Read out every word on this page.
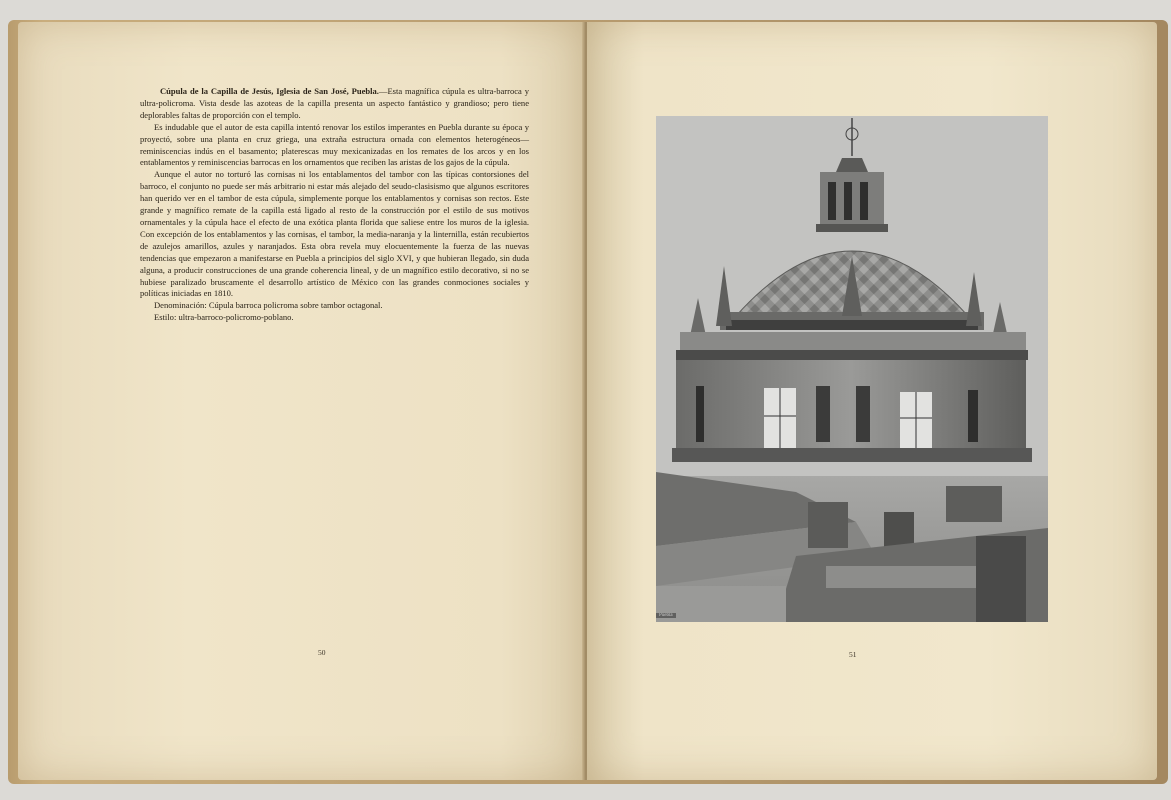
Cúpula de la Capilla de Jesús, Iglesia de San José, Puebla.—Esta magnífica cúpula es ultra-barroca y ultra-policroma. Vista desde las azoteas de la capilla presenta un aspecto fantástico y grandioso; pero tiene deplorables faltas de proporción con el templo.

Es indudable que el autor de esta capilla intentó renovar los estilos imperantes en Puebla durante su época y proyectó, sobre una planta en cruz griega, una extraña estructura ornada con elementos heterogéneos—reminiscencias indús en el basamento; platerescas muy mexicanizadas en los remates de los arcos y en los entablamentos y reminiscencias barrocas en los ornamentos que reciben las aristas de los gajos de la cúpula.

Aunque el autor no torturó las cornisas ni los entablamentos del tambor con las típicas contorsiones del barroco, el conjunto no puede ser más arbitrario ni estar más alejado del seudo-clasisismo que algunos escritores han querido ver en el tambor de esta cúpula, simplemente porque los entablamentos y cornisas son rectos. Este grande y magnífico remate de la capilla está ligado al resto de la construcción por el estilo de sus motivos ornamentales y la cúpula hace el efecto de una exótica planta florida que saliese entre los muros de la iglesia. Con excepción de los entablamentos y las cornisas, el tambor, la media-naranja y la linternilla, están recubiertos de azulejos amarillos, azules y naranjados. Esta obra revela muy elocuentemente la fuerza de las nuevas tendencias que empezaron a manifestarse en Puebla a principios del siglo XVI, y que hubieran llegado, sin duda alguna, a producir construcciones de una grande coherencia lineal, y de un magnífico estilo decorativo, si no se hubiese paralizado bruscamente el desarrollo artístico de México con las grandes conmociones sociales y políticas iniciadas en 1810.

Denominación: Cúpula barroca policroma sobre tambor octagonal.

Estilo: ultra-barroco-policromo-poblano.

50	51
Puebla
